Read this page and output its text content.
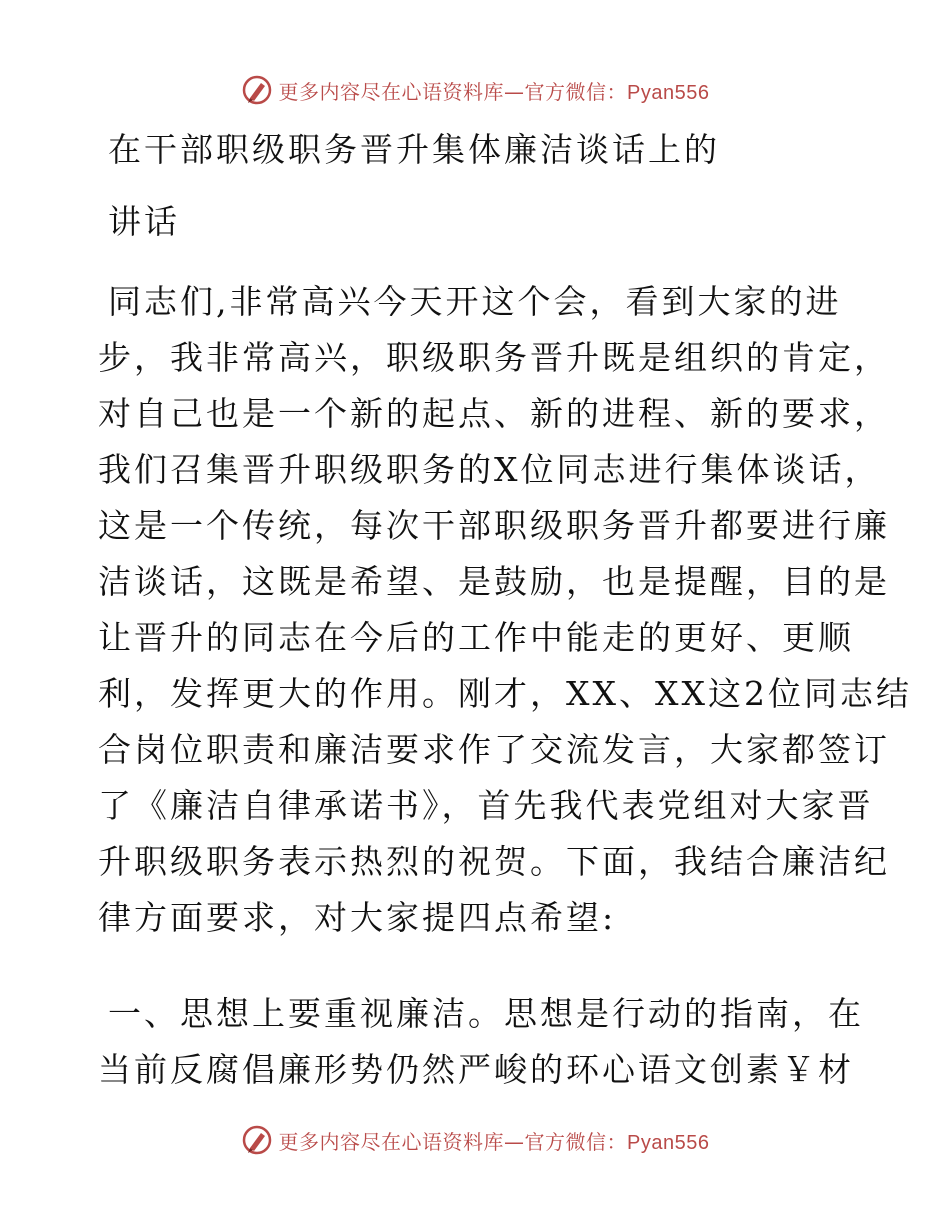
更多内容尽在心语资料库—官方微信：Pyan556
在干部职级职务晋升集体廉洁谈话上的
讲话
同志们,非常高兴今天开这个会，看到大家的进
步，我非常高兴，职级职务晋升既是组织的肯定，
对自己也是一个新的起点、新的进程、新的要求，
我们召集晋升职级职务的X位同志进行集体谈话，
这是一个传统，每次干部职级职务晋升都要进行廉
洁谈话，这既是希望、是鼓励，也是提醒，目的是
让晋升的同志在今后的工作中能走的更好、更顺
利，发挥更大的作用。刚才，XX、XX这2位同志结
合岗位职责和廉洁要求作了交流发言，大家都签订
了《廉洁自律承诺书》，首先我代表党组对大家晋
升职级职务表示热烈的祝贺。下面，我结合廉洁纪
律方面要求，对大家提四点希望:
一、思想上要重视廉洁。思想是行动的指南，在
当前反腐倡廉形势仍然严峻的环心语文创素￥材
更多内容尽在心语资料库—官方微信：Pyan556
